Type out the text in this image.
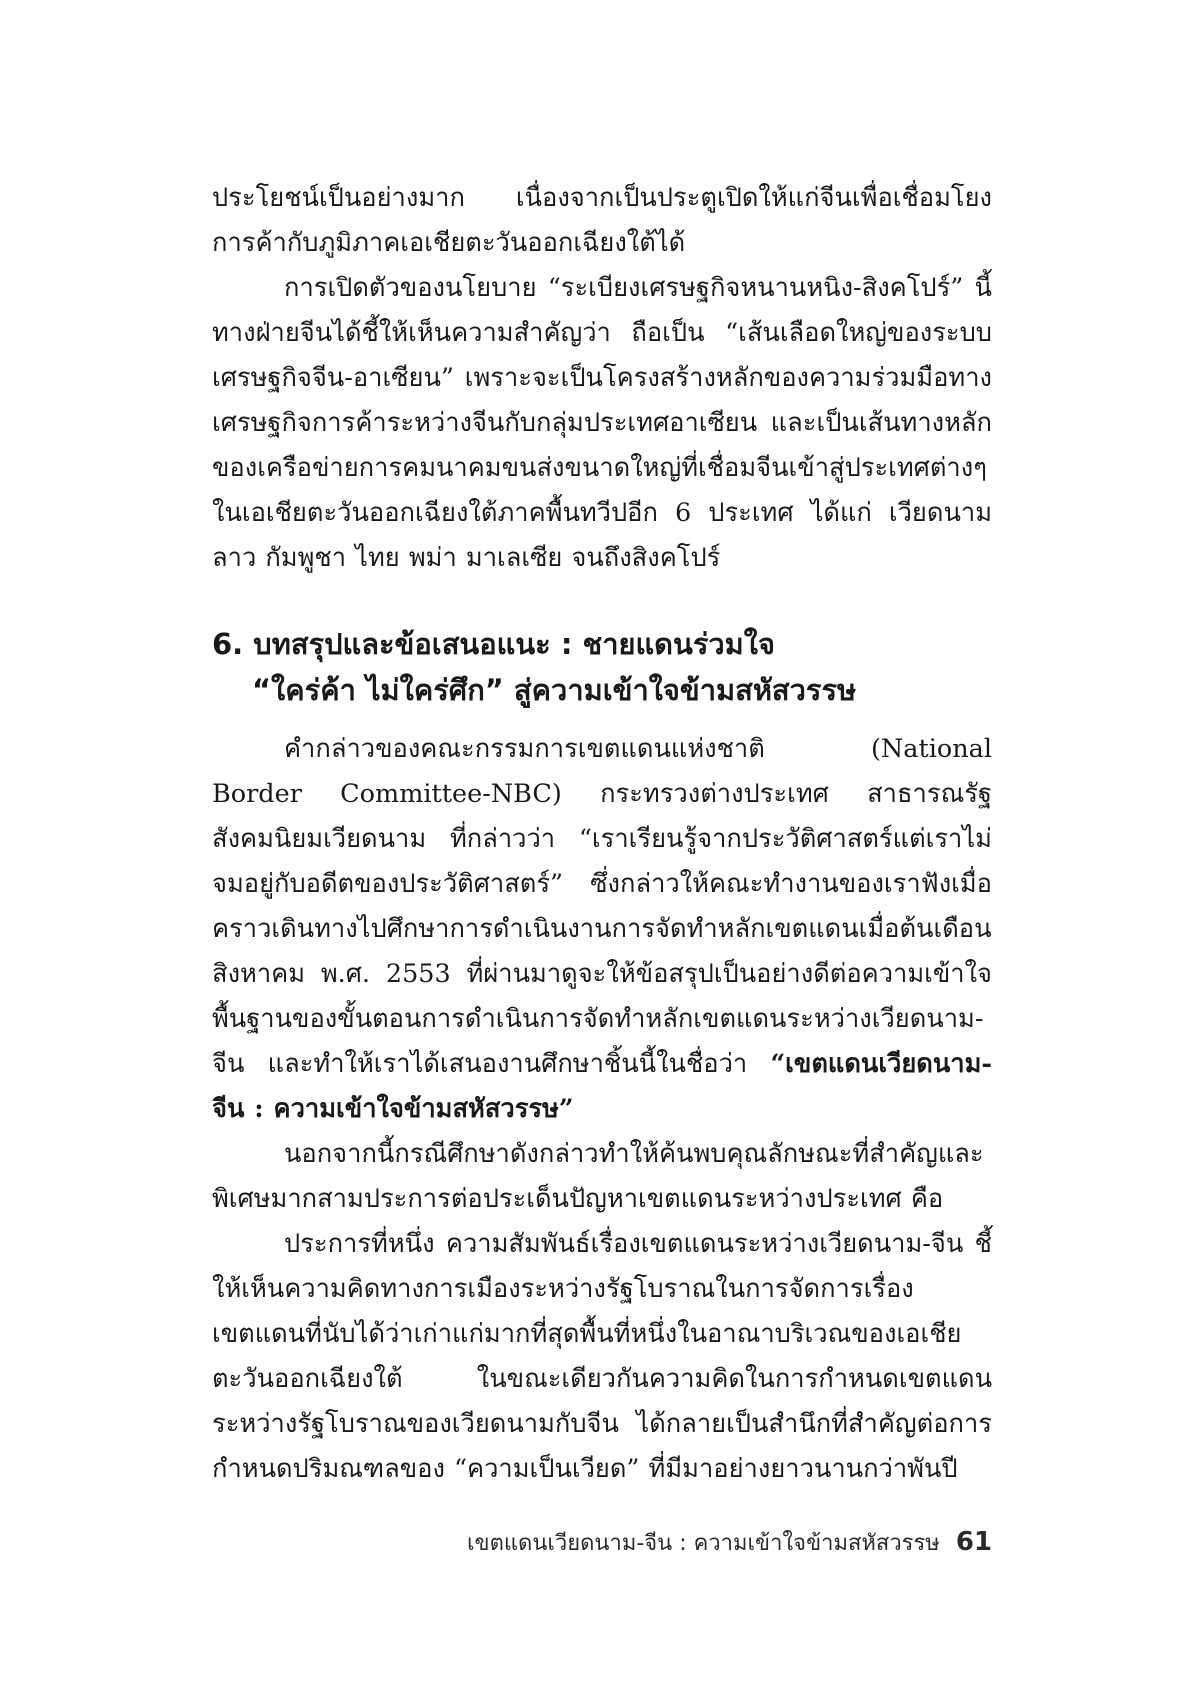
ประโยชน์เป็นอย่างมาก เนื่องจากเป็นประตูเปิดให้แก่จีนเพื่อเชื่อมโยงการค้ากับภูมิภาคเอเชียตะวันออกเฉียงใต้ได้

การเปิดตัวของนโยบาย “ระเบียงเศรษฐกิจหนานหนิง-สิงคโปร์” นี้ ทางฝ่ายจีนได้ชี้ให้เห็นความสำคัญว่า ถือเป็น “เส้นเลือดใหญ่ของระบบเศรษฐกิจจีน-อาเซียน” เพราะจะเป็นโครงสร้างหลักของความร่วมมือทางเศรษฐกิจการค้าระหว่างจีนกับกลุ่มประเทศอาเซียน และเป็นเส้นทางหลักของเครือข่ายการคมนาคมขนส่งขนาดใหญ่ที่เชื่อมจีนเข้าสู่ประเทศต่างๆ ในเอเชียตะวันออกเฉียงใต้ภาคพื้นทวีปอีก 6 ประเทศ ได้แก่ เวียดนาม ลาว กัมพูชา ไทย พม่า มาเลเซีย จนถึงสิงคโปร์

6. บทสรุปและข้อเสนอแนะ : ชายแดนร่วมใจ
“ใคร่ค้า ไม่ใคร่ศึก” สู่ความเข้าใจข้ามสหัสวรรษ

คำกล่าวของคณะกรรมการเขตแดนแห่งชาติ (National Border Committee-NBC) กระทรวงต่างประเทศ สาธารณรัฐสังคมนิยมเวียดนาม ที่กล่าวว่า “เราเรียนรู้จากประวัติศาสตร์แต่เราไม่จมอยู่กับอดีตของประวัติศาสตร์” ซึ่งกล่าวให้คณะทำงานของเราฟังเมื่อคราวเดินทางไปศึกษาการดำเนินงานการจัดทำหลักเขตแดนเมื่อต้นเดือนสิงหาคม พ.ศ. 2553 ที่ผ่านมาดูจะให้ข้อสรุปเป็นอย่างดีต่อความเข้าใจพื้นฐานของขั้นตอนการดำเนินการจัดทำหลักเขตแดนระหว่างเวียดนาม-จีน และทำให้เราได้เสนองานศึกษาชิ้นนี้ในชื่อว่า “เขตแดนเวียดนาม-จีน : ความเข้าใจข้ามสหัสวรรษ”

นอกจากนี้กรณีศึกษาดังกล่าวทำให้ค้นพบคุณลักษณะที่สำคัญและพิเศษมากสามประการต่อประเด็นปัญหาเขตแดนระหว่างประเทศ คือ

ประการที่หนึ่ง ความสัมพันธ์เรื่องเขตแดนระหว่างเวียดนาม-จีน ชี้ให้เห็นความคิดทางการเมืองระหว่างรัฐโบราณในการจัดการเรื่องเขตแดนที่นับได้ว่าเก่าแก่มากที่สุดพื้นที่หนึ่งในอาณาบริเวณของเอเชียตะวันออกเฉียงใต้ ในขณะเดียวกันความคิดในการกำหนดเขตแดนระหว่างรัฐโบราณของเวียดนามกับจีน ได้กลายเป็นสำนึกที่สำคัญต่อการกำหนดปริมณฑลของ “ความเป็นเวียด” ที่มีมาอย่างยาวนานกว่าพันปี

เขตแดนเวียดนาม-จีน : ความเข้าใจข้ามสหัสวรรษ 61
